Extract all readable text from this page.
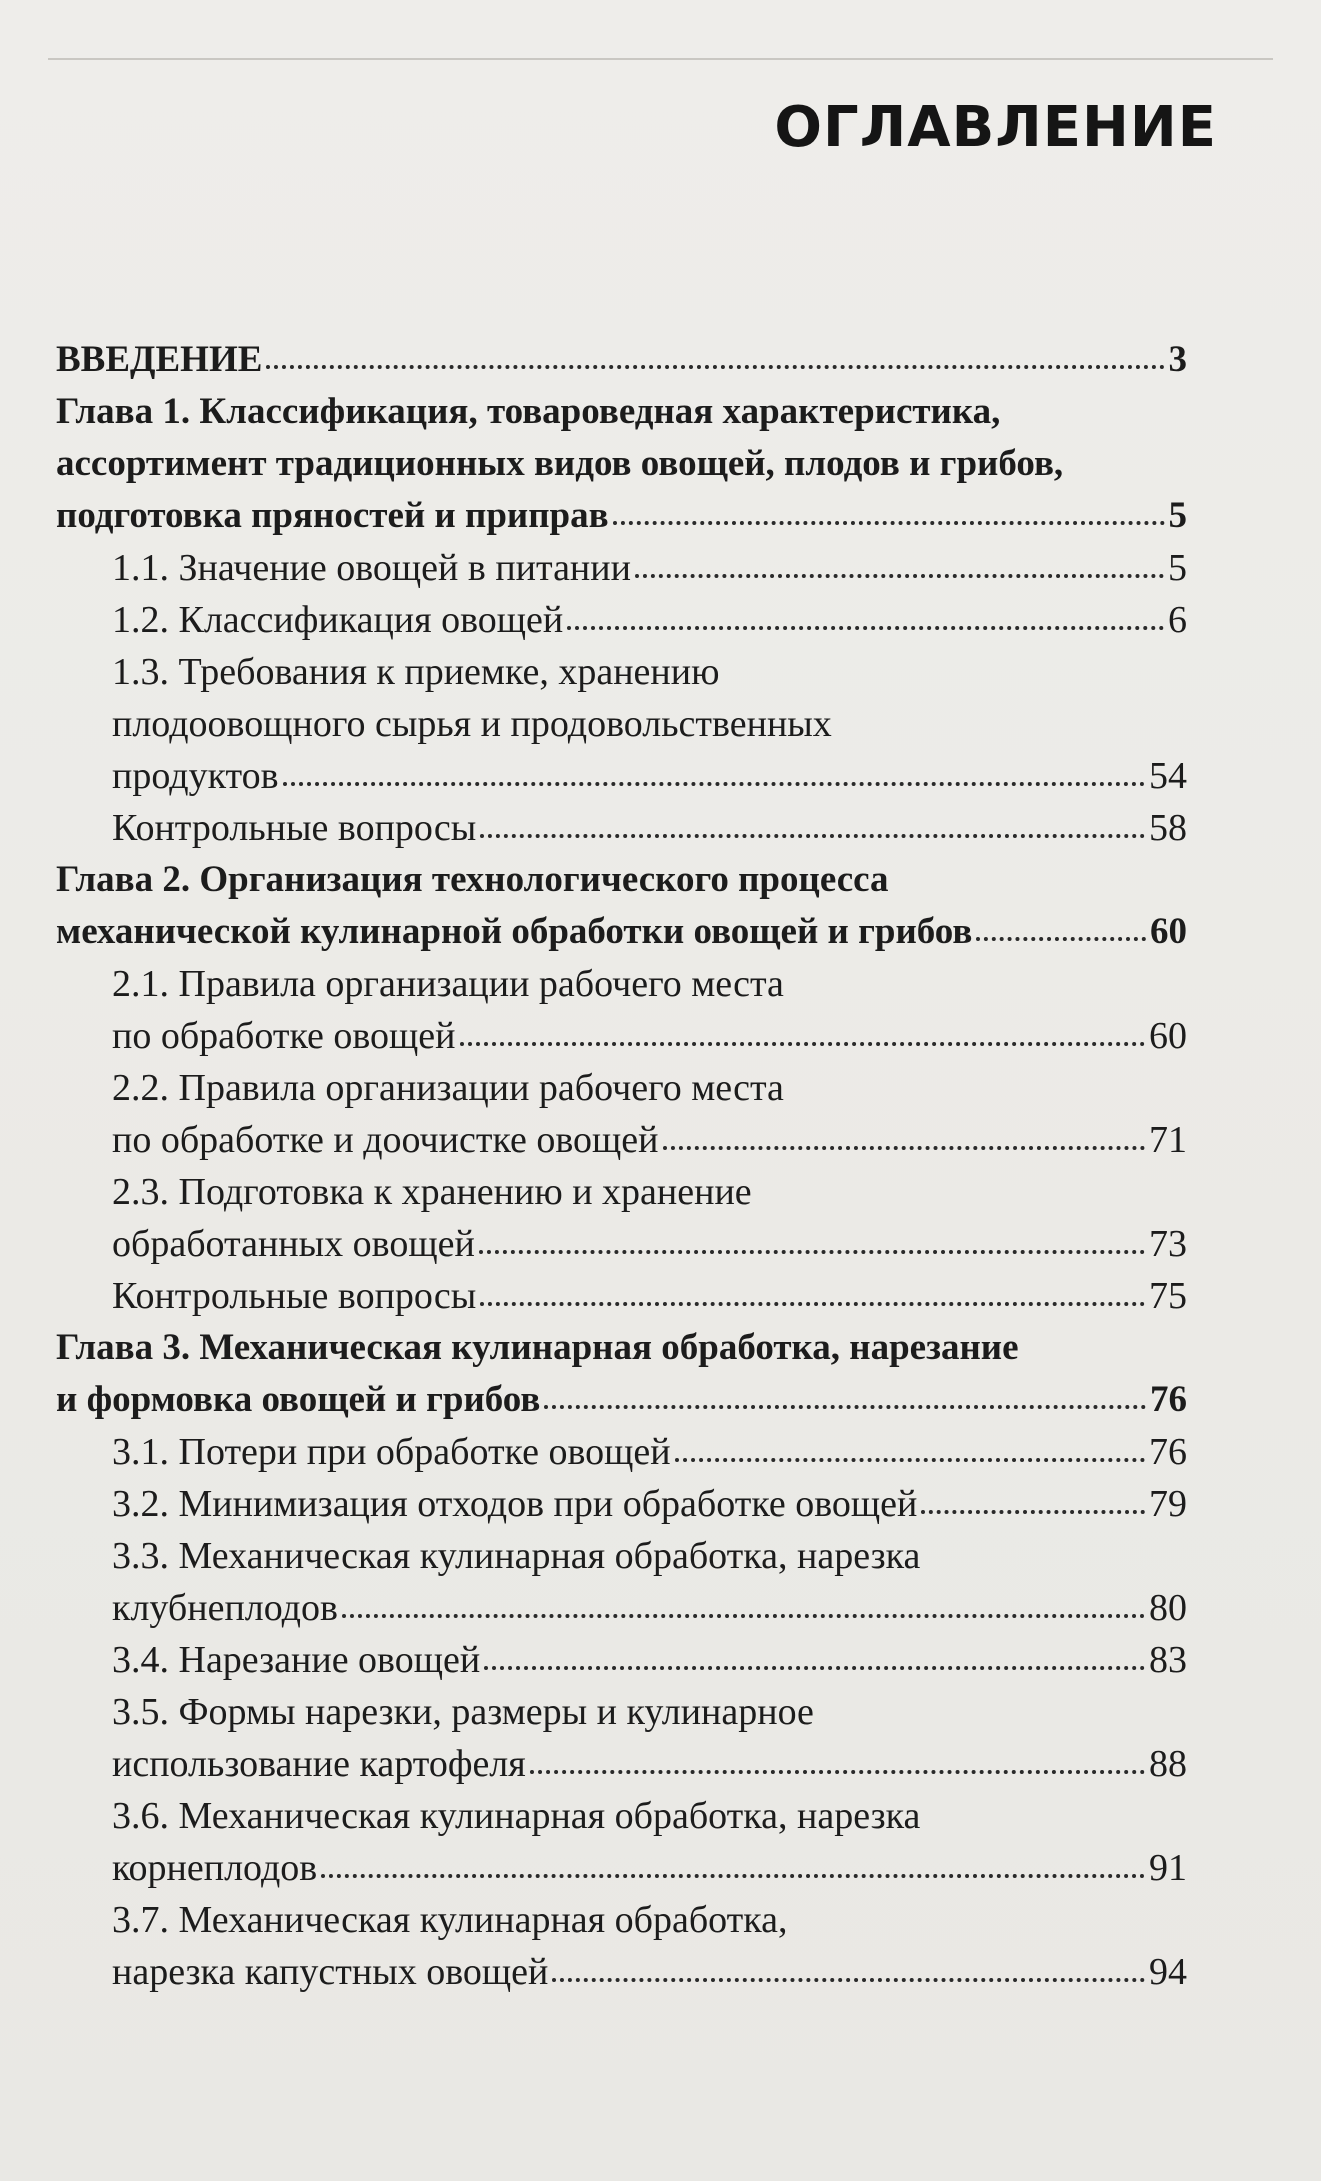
ОГЛАВЛЕНИЕ
ВВЕДЕНИЕ	3
Глава 1. Классификация, товароведная характеристика,
ассортимент традиционных видов овощей, плодов и грибов,
подготовка пряностей и приправ	5
1.1. Значение овощей в питании	5
1.2. Классификация овощей	6
1.3. Требования к приемке, хранению
плодоовощного сырья и продовольственных
продуктов	54
Контрольные вопросы	58
Глава 2. Организация технологического процесса
механической кулинарной обработки овощей и грибов	60
2.1. Правила организации рабочего места
по обработке овощей	60
2.2. Правила организации рабочего места
по обработке и доочистке овощей	71
2.3. Подготовка к хранению и хранение
обработанных овощей	73
Контрольные вопросы	75
Глава 3. Механическая кулинарная обработка, нарезание
и формовка овощей и грибов	76
3.1. Потери при обработке овощей	76
3.2. Минимизация отходов при обработке овощей	79
3.3. Механическая кулинарная обработка, нарезка
клубнеплодов	80
3.4. Нарезание овощей	83
3.5. Формы нарезки, размеры и кулинарное
использование картофеля	88
3.6. Механическая кулинарная обработка, нарезка
корнеплодов	91
3.7. Механическая кулинарная обработка,
нарезка капустных овощей	94
